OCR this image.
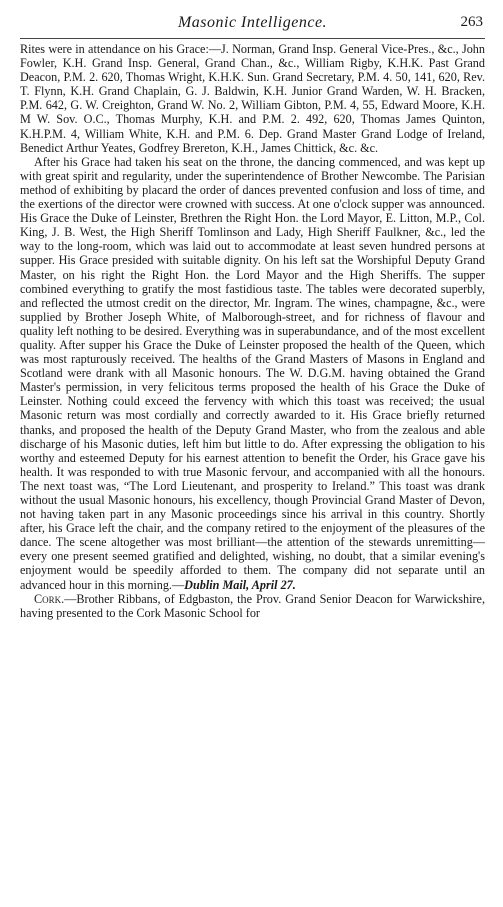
Masonic Intelligence.	263

Rites were in attendance on his Grace:—J. Norman, Grand Insp. General Vice-Pres., &c., John Fowler, K.H. Grand Insp. General, Grand Chan., &c., William Rigby, K.H.K. Past Grand Deacon, P.M. 2. 620, Thomas Wright, K.H.K. Sun. Grand Secretary, P.M. 4. 50, 141, 620, Rev. T. Flynn, K.H. Grand Chaplain, G. J. Baldwin, K.H. Junior Grand Warden, W. H. Bracken, P.M. 642, G. W. Creighton, Grand W. No. 2, William Gibton, P.M. 4, 55, Edward Moore, K.H. M W. Sov. O.C., Thomas Murphy, K.H. and P.M. 2. 492, 620, Thomas James Quinton, K.H.P.M. 4, William White, K.H. and P.M. 6. Dep. Grand Master Grand Lodge of Ireland, Benedict Arthur Yeates, Godfrey Brereton, K.H., James Chittick, &c. &c.

After his Grace had taken his seat on the throne, the dancing commenced, and was kept up with great spirit and regularity, under the superintendence of Brother Newcombe. The Parisian method of exhibiting by placard the order of dances prevented confusion and loss of time, and the exertions of the director were crowned with success. At one o'clock supper was announced. His Grace the Duke of Leinster, Brethren the Right Hon. the Lord Mayor, E. Litton, M.P., Col. King, J. B. West, the High Sheriff Tomlinson and Lady, High Sheriff Faulkner, &c., led the way to the long-room, which was laid out to accommodate at least seven hundred persons at supper. His Grace presided with suitable dignity. On his left sat the Worshipful Deputy Grand Master, on his right the Right Hon. the Lord Mayor and the High Sheriffs. The supper combined everything to gratify the most fastidious taste. The tables were decorated superbly, and reflected the utmost credit on the director, Mr. Ingram. The wines, champagne, &c., were supplied by Brother Joseph White, of Malborough-street, and for richness of flavour and quality left nothing to be desired. Everything was in superabundance, and of the most excellent quality. After supper his Grace the Duke of Leinster proposed the health of the Queen, which was most rapturously received. The healths of the Grand Masters of Masons in England and Scotland were drank with all Masonic honours. The W. D.G.M. having obtained the Grand Master's permission, in very felicitous terms proposed the health of his Grace the Duke of Leinster. Nothing could exceed the fervency with which this toast was received; the usual Masonic return was most cordially and correctly awarded to it. His Grace briefly returned thanks, and proposed the health of the Deputy Grand Master, who from the zealous and able discharge of his Masonic duties, left him but little to do. After expressing the obligation to his worthy and esteemed Deputy for his earnest attention to benefit the Order, his Grace gave his health. It was responded to with true Masonic fervour, and accompanied with all the honours. The next toast was, “The Lord Lieutenant, and prosperity to Ireland.” This toast was drank without the usual Masonic honours, his excellency, though Provincial Grand Master of Devon, not having taken part in any Masonic proceedings since his arrival in this country. Shortly after, his Grace left the chair, and the company retired to the enjoyment of the pleasures of the dance. The scene altogether was most brilliant—the attention of the stewards unremitting—every one present seemed gratified and delighted, wishing, no doubt, that a similar evening's enjoyment would be speedily afforded to them. The company did not separate until an advanced hour in this morning.—Dublin Mail, April 27.

Cork.—Brother Ribbans, of Edgbaston, the Prov. Grand Senior Deacon for Warwickshire, having presented to the Cork Masonic School for
